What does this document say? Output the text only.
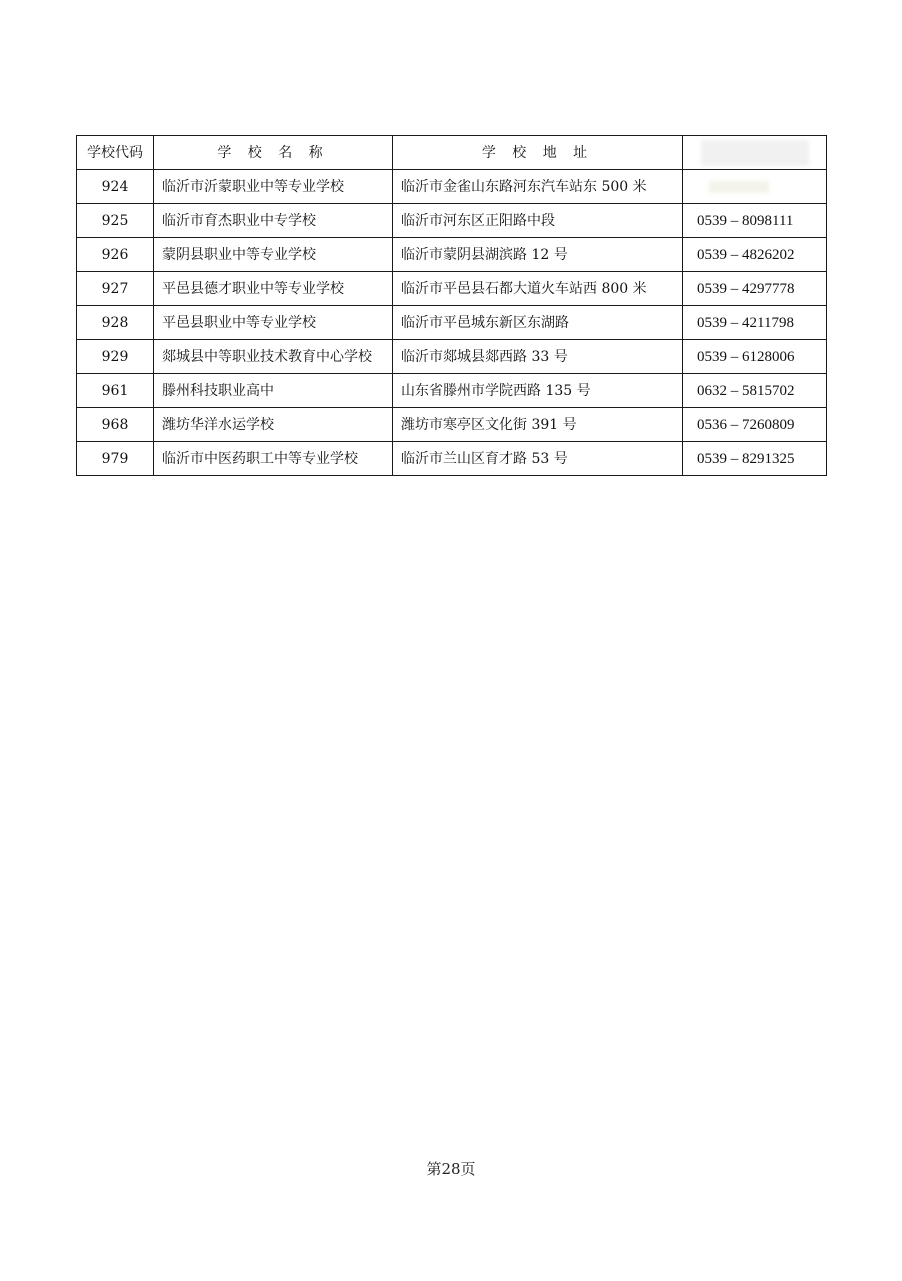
学校代码	学 校 名 称	学 校 地 址	

924	临沂市沂蒙职业中等专业学校	临沂市金雀山东路河东汽车站东 500 米	

925	临沂市育杰职业中专学校	临沂市河东区正阳路中段	0539 – 8098111
926	蒙阴县职业中等专业学校	临沂市蒙阴县湖滨路 12 号	0539 – 4826202
927	平邑县德才职业中等专业学校	临沂市平邑县石都大道火车站西 800 米	0539 – 4297778
928	平邑县职业中等专业学校	临沂市平邑城东新区东湖路	0539 – 4211798
929	郯城县中等职业技术教育中心学校	临沂市郯城县郯西路 33 号	0539 – 6128006
961	滕州科技职业高中	山东省滕州市学院西路 135 号	0632 – 5815702
968	潍坊华洋水运学校	潍坊市寒亭区文化街 391 号	0536 – 7260809
979	临沂市中医药职工中等专业学校	临沂市兰山区育才路 53 号	0539 – 8291325
第28页
